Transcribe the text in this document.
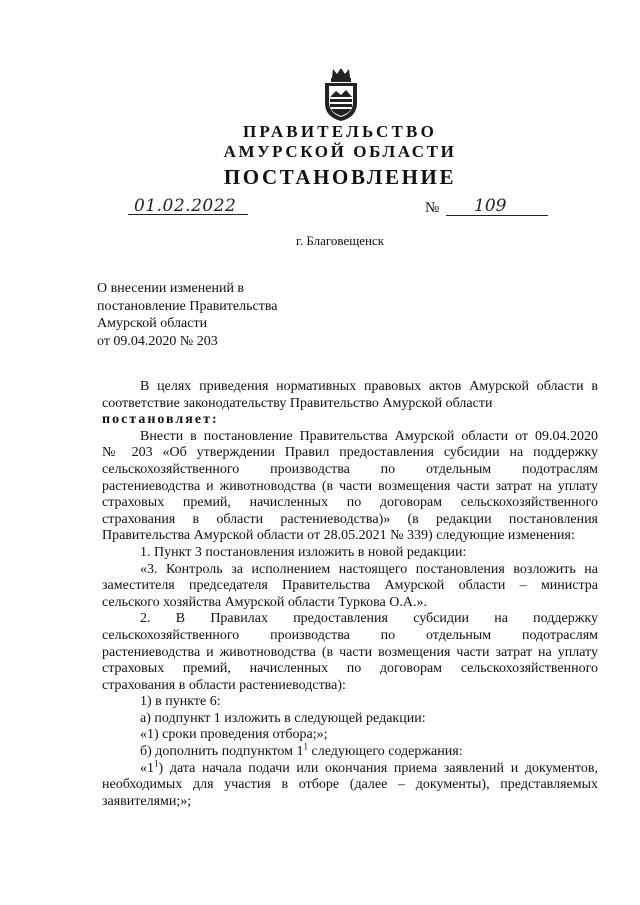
ПРАВИТЕЛЬСТВО
АМУРСКОЙ ОБЛАСТИ
ПОСТАНОВЛЕНИЕ
01.02.2022	№ 109
г. Благовещенск
О внесении изменений в
постановление Правительства
Амурской области
от 09.04.2020 № 203
В целях приведения нормативных правовых актов Амурской области в
соответствие законодательству Правительство Амурской области
постановляет:
Внести в постановление Правительства Амурской области от 09.04.2020
№ 203 «Об утверждении Правил предоставления субсидии на поддержку
сельскохозяйственного производства по отдельным подотраслям
растениеводства и животноводства (в части возмещения части затрат на уплату
страховых премий, начисленных по договорам сельскохозяйственного
страхования в области растениеводства)» (в редакции постановления
Правительства Амурской области от 28.05.2021 № 339) следующие изменения:
1. Пункт 3 постановления изложить в новой редакции:
«3. Контроль за исполнением настоящего постановления возложить на
заместителя председателя Правительства Амурской области – министра
сельского хозяйства Амурской области Туркова О.А.».
2. В Правилах предоставления субсидии на поддержку
сельскохозяйственного производства по отдельным подотраслям
растениеводства и животноводства (в части возмещения части затрат на уплату
страховых премий, начисленных по договорам сельскохозяйственного
страхования в области растениеводства):
1) в пункте 6:
а) подпункт 1 изложить в следующей редакции:
«1) сроки проведения отбора;»;
б) дополнить подпунктом $1^1$ следующего содержания:
«$1^1$) дата начала подачи или окончания приема заявлений и документов,
необходимых для участия в отборе (далее – документы), представляемых
заявителями;»;
